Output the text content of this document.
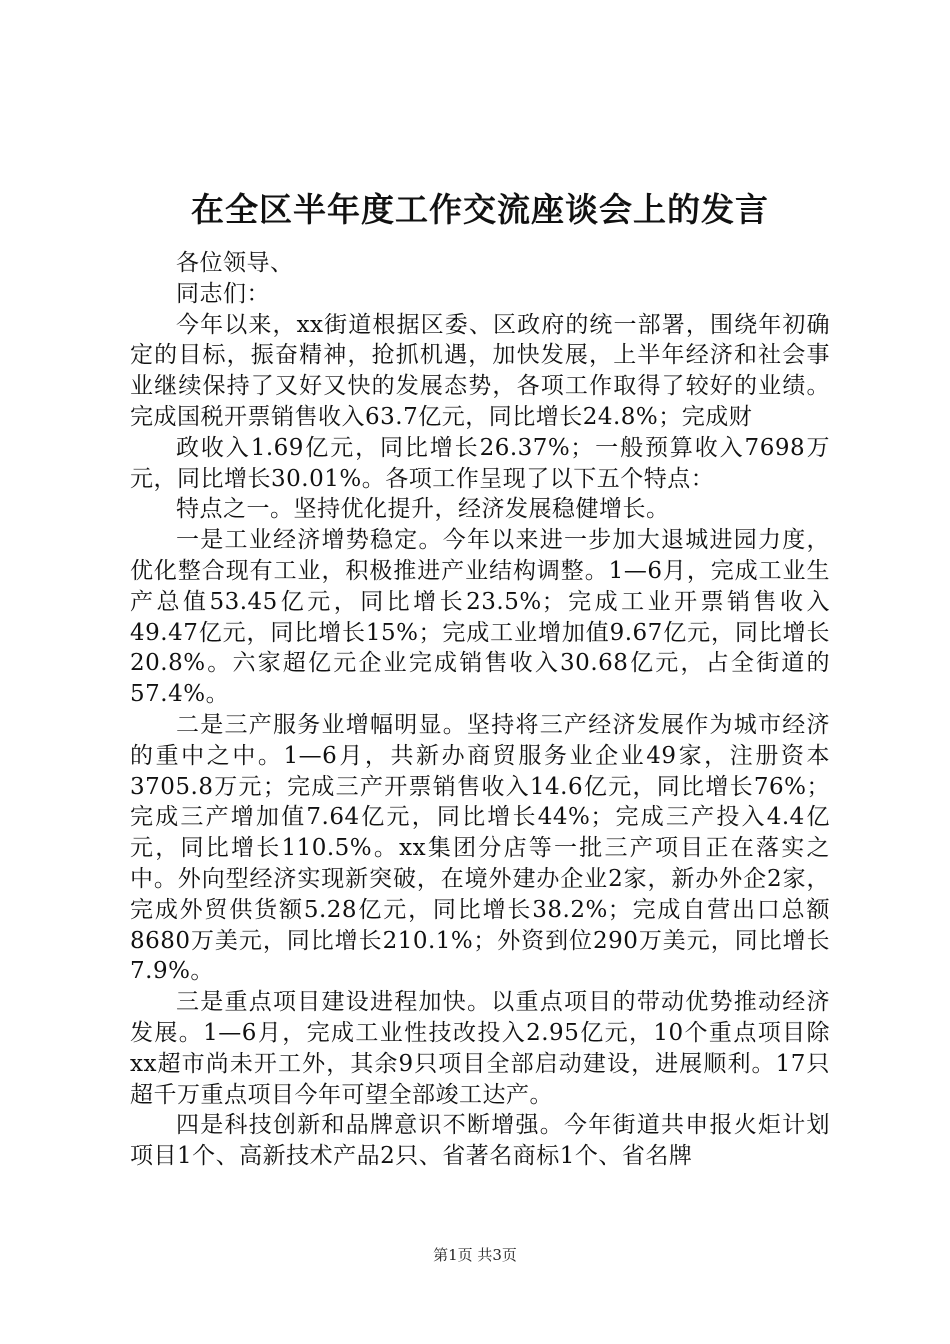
在全区半年度工作交流座谈会上的发言

各位领导、

同志们：

今年以来，xx街道根据区委、区政府的统一部署，围绕年初确定的目标，振奋精神，抢抓机遇，加快发展，上半年经济和社会事业继续保持了又好又快的发展态势，各项工作取得了较好的业绩。完成国税开票销售收入63.7亿元，同比增长24.8%；完成财

政收入1.69亿元，同比增长26.37%；一般预算收入7698万元，同比增长30.01%。各项工作呈现了以下五个特点：

特点之一。坚持优化提升，经济发展稳健增长。

一是工业经济增势稳定。今年以来进一步加大退城进园力度，优化整合现有工业，积极推进产业结构调整。1—6月，完成工业生产总值53.45亿元，同比增长23.5%；完成工业开票销售收入49.47亿元，同比增长15%；完成工业增加值9.67亿元，同比增长20.8%。六家超亿元企业完成销售收入30.68亿元，占全街道的57.4%。

二是三产服务业增幅明显。坚持将三产经济发展作为城市经济的重中之中。1—6月，共新办商贸服务业企业49家，注册资本3705.8万元；完成三产开票销售收入14.6亿元，同比增长76%；完成三产增加值7.64亿元，同比增长44%；完成三产投入4.4亿元，同比增长110.5%。xx集团分店等一批三产项目正在落实之中。外向型经济实现新突破，在境外建办企业2家，新办外企2家，完成外贸供货额5.28亿元，同比增长38.2%；完成自营出口总额8680万美元，同比增长210.1%；外资到位290万美元，同比增长7.9%。

三是重点项目建设进程加快。以重点项目的带动优势推动经济发展。1—6月，完成工业性技改投入2.95亿元，10个重点项目除xx超市尚未开工外，其余9只项目全部启动建设，进展顺利。17只超千万重点项目今年可望全部竣工达产。

四是科技创新和品牌意识不断增强。今年街道共申报火炬计划项目1个、高新技术产品2只、省著名商标1个、省名牌

第1页 共3页
